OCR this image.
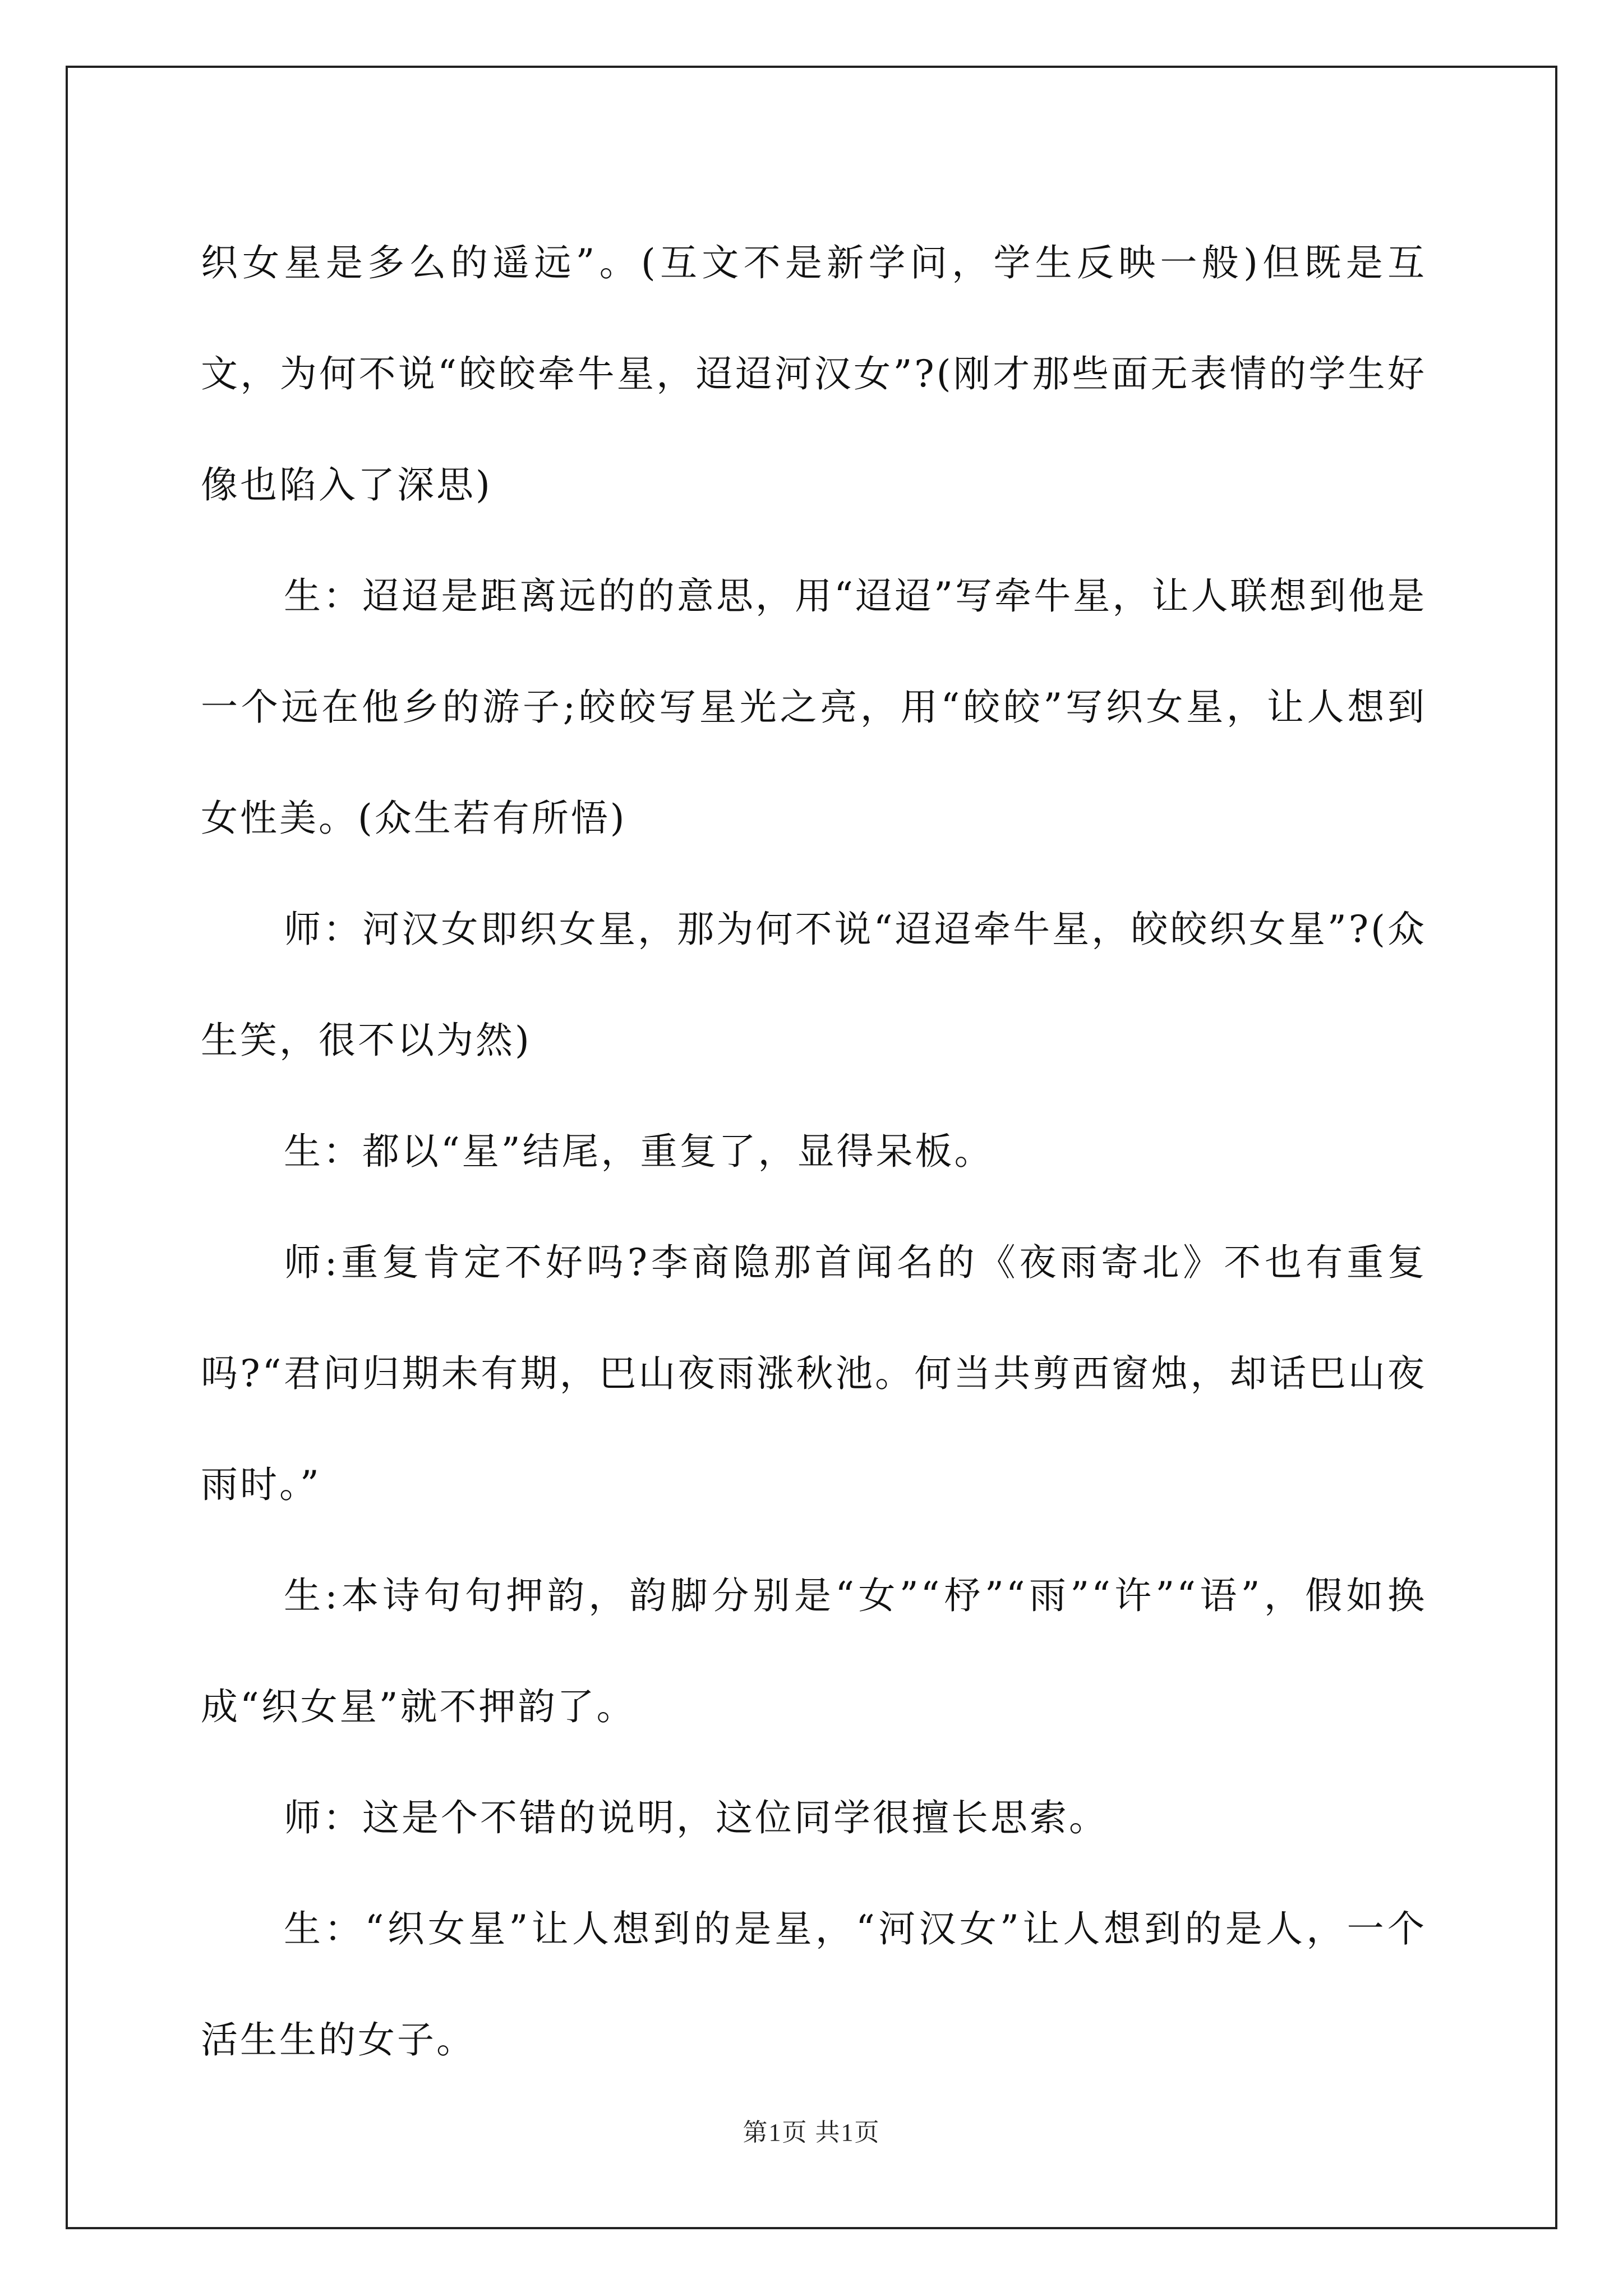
织女星是多么的遥远”。(互文不是新学问，学生反映一般)但既是互文，为何不说“皎皎牵牛星，迢迢河汉女”?(刚才那些面无表情的学生好像也陷入了深思)

生：迢迢是距离远的的意思，用“迢迢”写牵牛星，让人联想到他是一个远在他乡的游子;皎皎写星光之亮，用“皎皎”写织女星，让人想到女性美。(众生若有所悟)

师：河汉女即织女星，那为何不说“迢迢牵牛星，皎皎织女星”?(众生笑，很不以为然)

生：都以“星”结尾，重复了，显得呆板。

师:重复肯定不好吗?李商隐那首闻名的《夜雨寄北》不也有重复吗?“君问归期未有期，巴山夜雨涨秋池。何当共剪西窗烛，却话巴山夜雨时。”

生:本诗句句押韵，韵脚分别是“女”“杼”“雨”“许”“语”，假如换成“织女星”就不押韵了。

师：这是个不错的说明，这位同学很擅长思索。

生：“织女星”让人想到的是星，“河汉女”让人想到的是人，一个活生生的女子。

第1页 共1页
